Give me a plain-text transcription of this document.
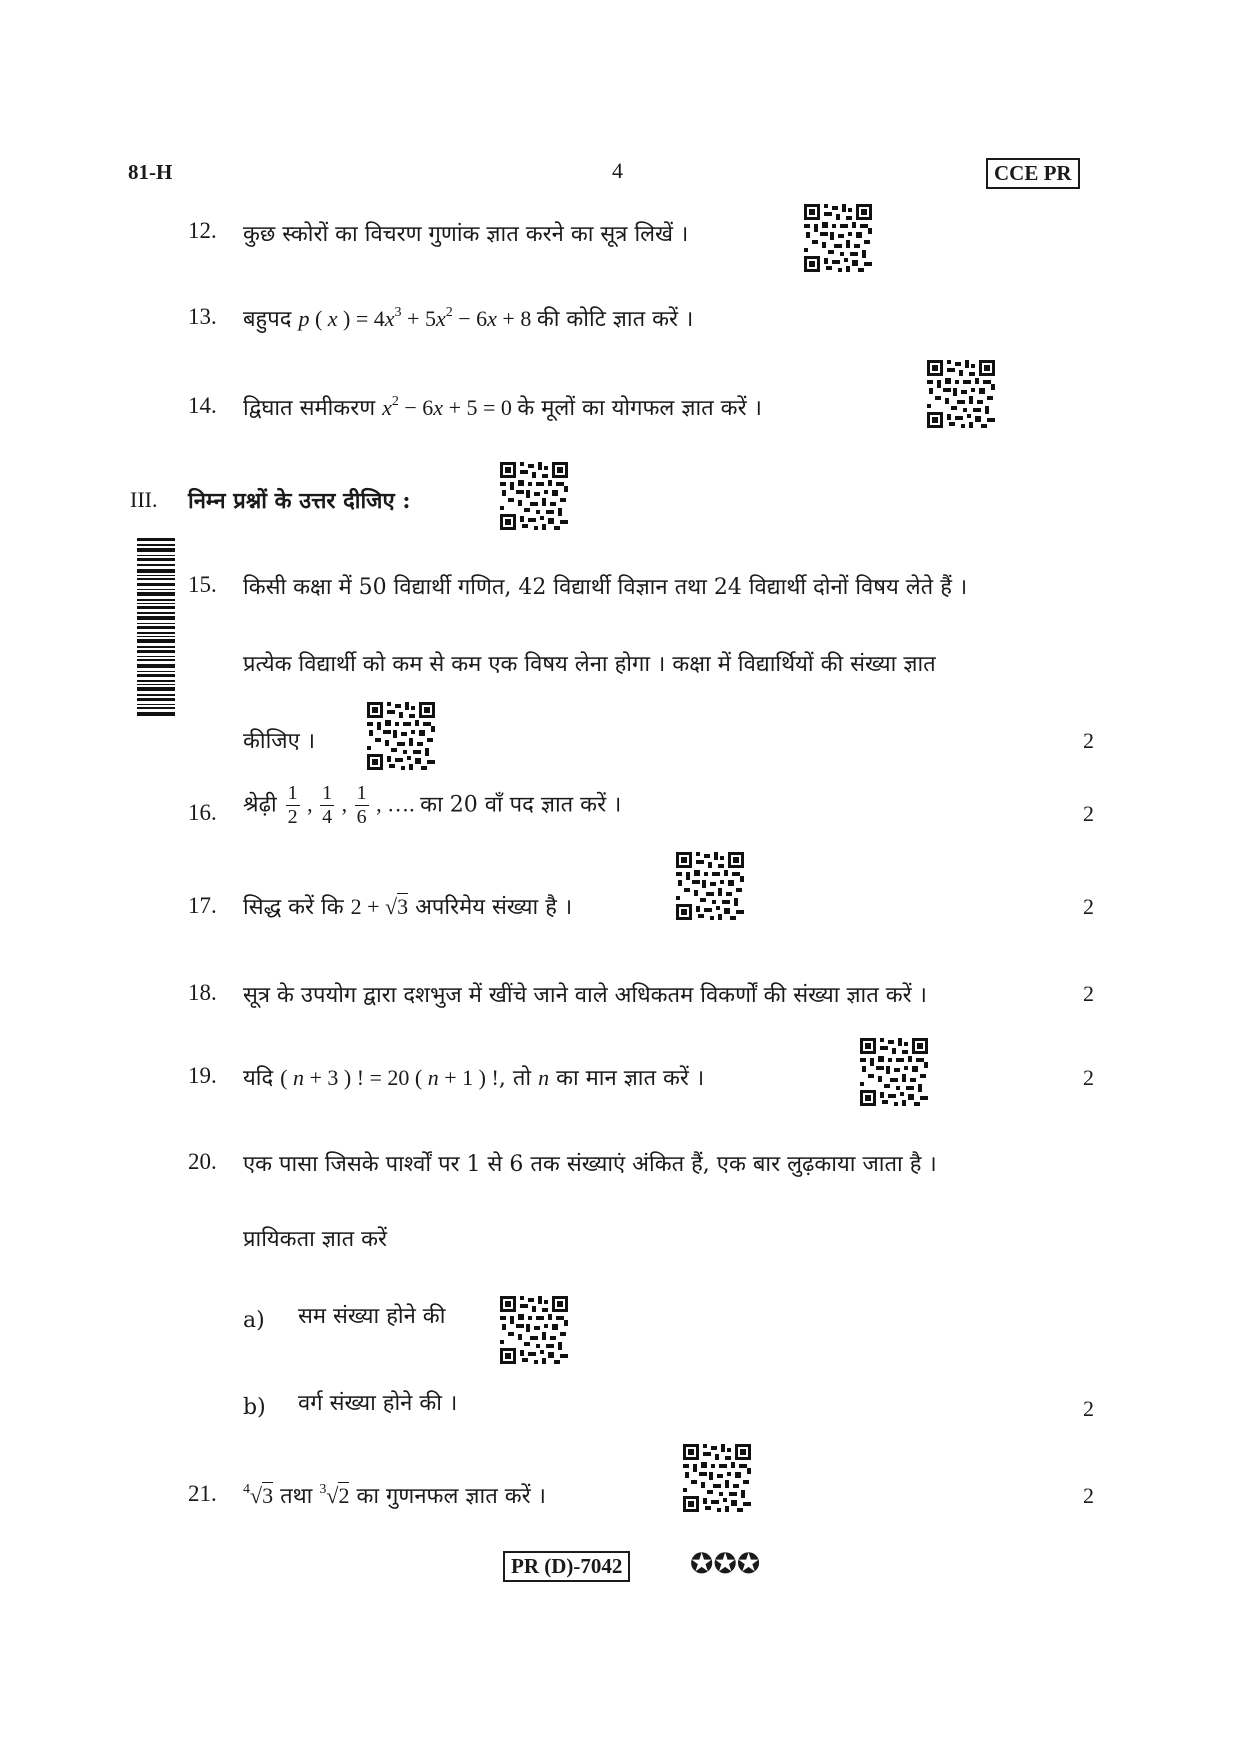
81-H	4	CCE PR
12. कुछ स्कोरों का विचरण गुणांक ज्ञात करने का सूत्र लिखें ।
13. बहुपद p ( x ) = $4x^3 + 5x^2 - 6x + 8$ की कोटि ज्ञात करें ।
14. द्विघात समीकरण $x^2 - 6x + 5 = 0$ के मूलों का योगफल ज्ञात करें ।
III. निम्न प्रश्नों के उत्तर दीजिए :
15. किसी कक्षा में 50 विद्यार्थी गणित, 42 विद्यार्थी विज्ञान तथा 24 विद्यार्थी दोनों विषय लेते हैं ।
प्रत्येक विद्यार्थी को कम से कम एक विषय लेना होगा । कक्षा में विद्यार्थियों की संख्या ज्ञात
कीजिए ।	2
16. श्रेढ़ी $\frac{1}{2}$ , $\frac{1}{4}$ , $\frac{1}{6}$ , …. का 20 वाँ पद ज्ञात करें ।	2
17. सिद्ध करें कि 2 + √3 अपरिमेय संख्या है ।	2
18. सूत्र के उपयोग द्वारा दशभुज में खींचे जाने वाले अधिकतम विकर्णों की संख्या ज्ञात करें ।	2
19. यदि ( n + 3 ) ! = 20 ( n + 1 ) !, तो n का मान ज्ञात करें ।	2
20. एक पासा जिसके पार्श्वों पर 1 से 6 तक संख्याएं अंकित हैं, एक बार लुढ़काया जाता है ।
प्रायिकता ज्ञात करें
a) सम संख्या होने की
b) वर्ग संख्या होने की ।	2
21. $^4$√3 तथा $^3$√2 का गुणनफल ज्ञात करें ।	2
PR (D)-7042 ✪✪✪
